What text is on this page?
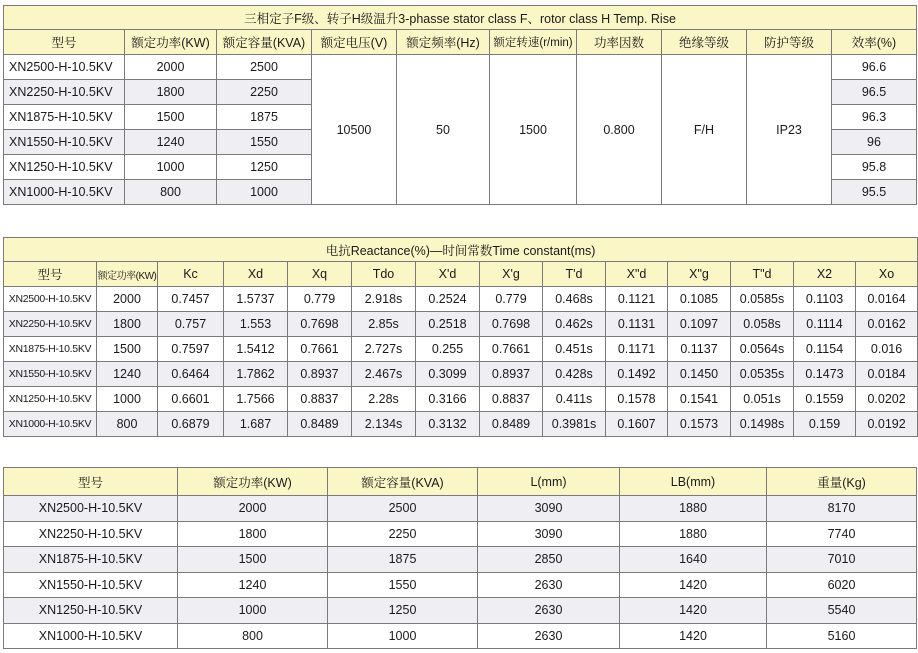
三相定子F级、转子H级温升3-phasse stator class F、rotor class H Temp. Rise									
型号	额定功率(KW)	额定容量(KVA)	额定电压(V)	额定频率(Hz)	额定转速(r/min)	功率因数	绝缘等级	防护等级	效率(%)
XN2500-H-10.5KV	2000	2500	10500	50	1500	0.800	F/H	IP23	96.6
XN2250-H-10.5KV	1800	2250							96.5
XN1875-H-10.5KV	1500	1875							96.3
XN1550-H-10.5KV	1240	1550							96
XN1250-H-10.5KV	1000	1250							95.8
XN1000-H-10.5KV	800	1000							95.5
电抗Reactance(%)—时间常数Time constant(ms)													
型号	额定功率(KW)	Kc	Xd	Xq	Tdo	X'd	X'g	T'd	X"d	X"g	T"d	X2	Xo
XN2500-H-10.5KV	2000	0.7457	1.5737	0.779	2.918s	0.2524	0.779	0.468s	0.1121	0.1085	0.0585s	0.1103	0.0164
XN2250-H-10.5KV	1800	0.757	1.553	0.7698	2.85s	0.2518	0.7698	0.462s	0.1131	0.1097	0.058s	0.1114	0.0162
XN1875-H-10.5KV	1500	0.7597	1.5412	0.7661	2.727s	0.255	0.7661	0.451s	0.1171	0.1137	0.0564s	0.1154	0.016
XN1550-H-10.5KV	1240	0.6464	1.7862	0.8937	2.467s	0.3099	0.8937	0.428s	0.1492	0.1450	0.0535s	0.1473	0.0184
XN1250-H-10.5KV	1000	0.6601	1.7566	0.8837	2.28s	0.3166	0.8837	0.411s	0.1578	0.1541	0.051s	0.1559	0.0202
XN1000-H-10.5KV	800	0.6879	1.687	0.8489	2.134s	0.3132	0.8489	0.3981s	0.1607	0.1573	0.1498s	0.159	0.0192
型号	额定功率(KW)	额定容量(KVA)	L(mm)	LB(mm)	重量(Kg)
XN2500-H-10.5KV	2000	2500	3090	1880	8170
XN2250-H-10.5KV	1800	2250	3090	1880	7740
XN1875-H-10.5KV	1500	1875	2850	1640	7010
XN1550-H-10.5KV	1240	1550	2630	1420	6020
XN1250-H-10.5KV	1000	1250	2630	1420	5540
XN1000-H-10.5KV	800	1000	2630	1420	5160
